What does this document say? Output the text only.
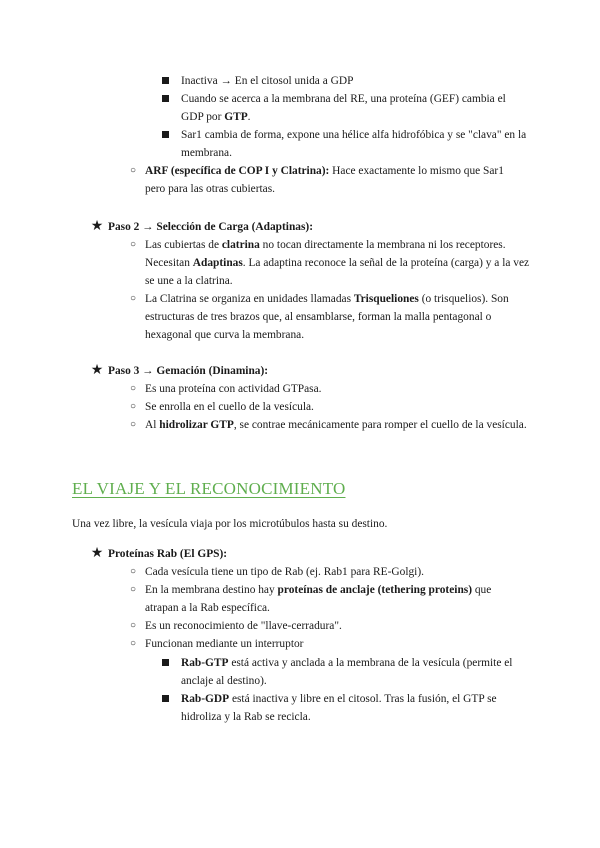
Inactiva → En el citosol unida a GDP
Cuando se acerca a la membrana del RE, una proteína (GEF) cambia el
GDP por GTP.
Sar1 cambia de forma, expone una hélice alfa hidrofóbica y se "clava" en la
membrana.
○ ARF (específica de COP I y Clatrina): Hace exactamente lo mismo que Sar1
pero para las otras cubiertas.
★ Paso 2 → Selección de Carga (Adaptinas):
○ Las cubiertas de clatrina no tocan directamente la membrana ni los receptores.
Necesitan Adaptinas. La adaptina reconoce la señal de la proteína (carga) y a la vez
se une a la clatrina.
○ La Clatrina se organiza en unidades llamadas Trisqueliones (o trisquelios). Son
estructuras de tres brazos que, al ensamblarse, forman la malla pentagonal o
hexagonal que curva la membrana.
★ Paso 3 → Gemación (Dinamina):
○ Es una proteína con actividad GTPasa.
○ Se enrolla en el cuello de la vesícula.
○ Al hidrolizar GTP, se contrae mecánicamente para romper el cuello de la vesícula.
EL VIAJE Y EL RECONOCIMIENTO
Una vez libre, la vesícula viaja por los microtúbulos hasta su destino.
★ Proteínas Rab (El GPS):
○ Cada vesícula tiene un tipo de Rab (ej. Rab1 para RE-Golgi).
○ En la membrana destino hay proteínas de anclaje (tethering proteins) que
atrapan a la Rab específica.
○ Es un reconocimiento de "llave-cerradura".
○ Funcionan mediante un interruptor
Rab-GTP está activa y anclada a la membrana de la vesícula (permite el
anclaje al destino).
Rab-GDP está inactiva y libre en el citosol. Tras la fusión, el GTP se
hidroliza y la Rab se recicla.
